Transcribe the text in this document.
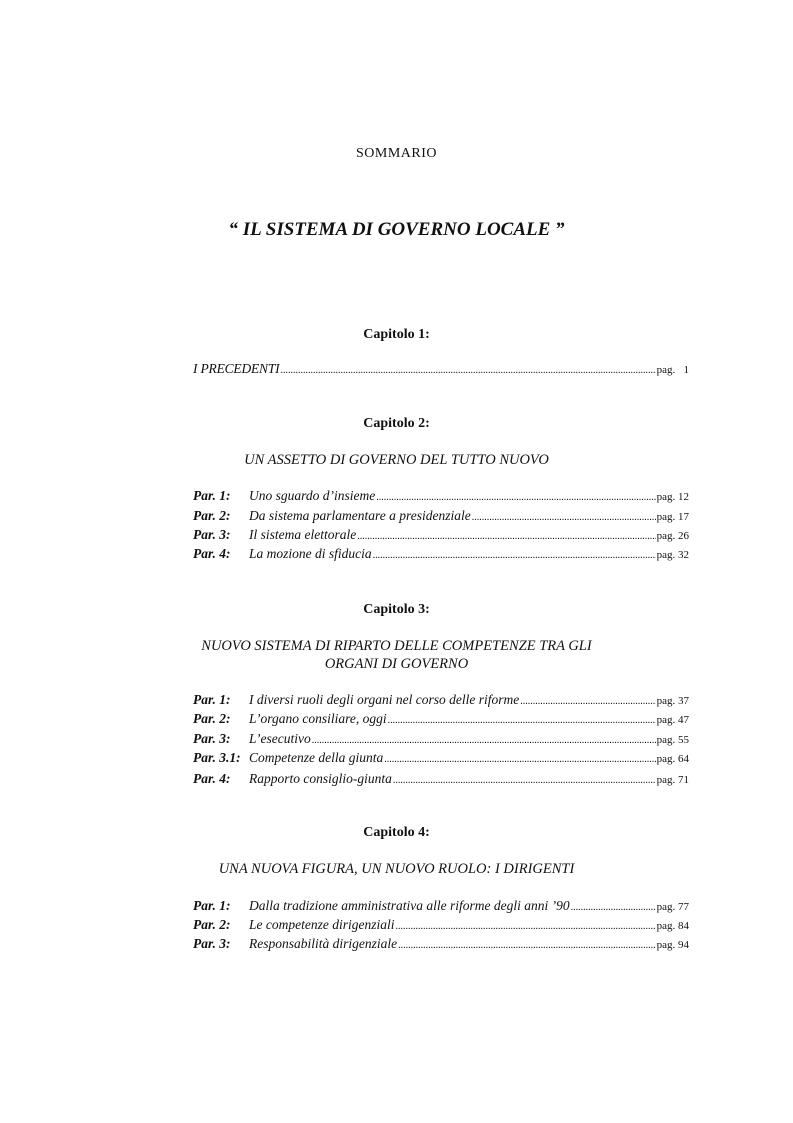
SOMMARIO
“ IL SISTEMA DI GOVERNO LOCALE ”
Capitolo 1:
I PRECEDENTI .....	pag.   1
Capitolo 2:
UN ASSETTO DI GOVERNO DEL TUTTO NUOVO
Par. 1:	Uno sguardo d’insieme .....	pag. 12
Par. 2:	Da sistema parlamentare a presidenziale .....	pag. 17
Par. 3:	Il sistema elettorale .....	pag. 26
Par. 4:	La mozione di sfiducia .....	pag. 32
Capitolo 3:
NUOVO SISTEMA DI RIPARTO DELLE COMPETENZE TRA GLI
ORGANI DI GOVERNO
Par. 1:	I diversi ruoli degli organi nel corso delle riforme .....	pag. 37
Par. 2:	L’organo consiliare, oggi .....	pag. 47
Par. 3:	L’esecutivo .....	pag. 55
Par. 3.1: Competenze della giunta .....	pag. 64
Par. 4:	Rapporto consiglio-giunta .....	pag. 71
Capitolo 4:
UNA NUOVA FIGURA, UN NUOVO RUOLO: I DIRIGENTI
Par. 1:	Dalla tradizione amministrativa alle riforme degli anni ’90 .....	pag. 77
Par. 2:	Le competenze dirigenziali .....	pag. 84
Par. 3:	Responsabilità dirigenziale .....	pag. 94
